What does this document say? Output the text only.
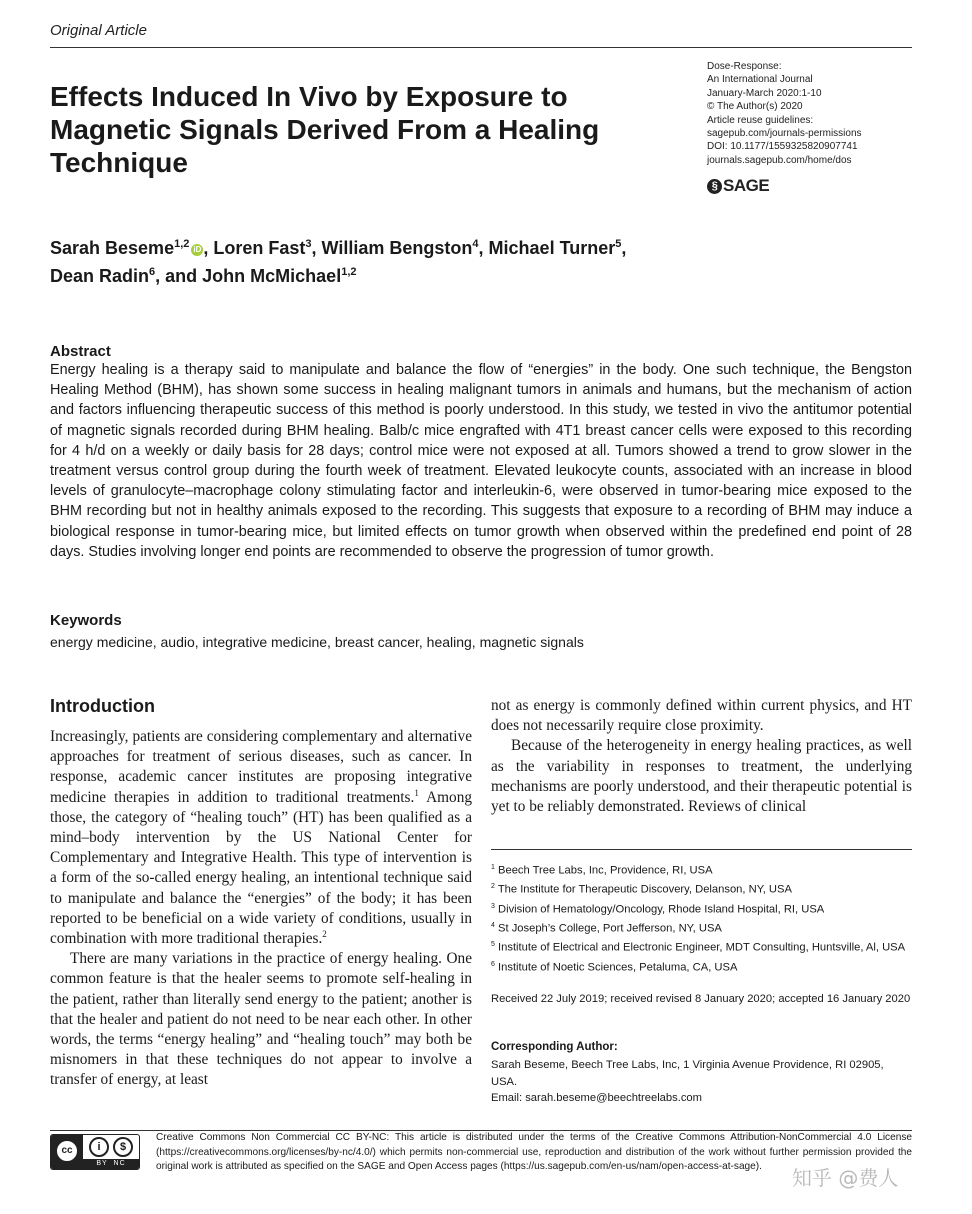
Original Article
Effects Induced In Vivo by Exposure to Magnetic Signals Derived From a Healing Technique
Dose-Response:
An International Journal
January-March 2020:1-10
© The Author(s) 2020
Article reuse guidelines:
sagepub.com/journals-permissions
DOI: 10.1177/1559325820907741
journals.sagepub.com/home/dos
§ SAGE
Sarah Beseme$^{1,2}$ iD , Loren Fast$^3$, William Bengston$^4$, Michael Turner$^5$,
Dean Radin$^6$, and John McMichael$^{1,2}$
Abstract
Energy healing is a therapy said to manipulate and balance the flow of “energies” in the body. One such technique, the Bengston Healing Method (BHM), has shown some success in healing malignant tumors in animals and humans, but the mechanism of action and factors influencing therapeutic success of this method is poorly understood. In this study, we tested in vivo the antitumor potential of magnetic signals recorded during BHM healing. Balb/c mice engrafted with 4T1 breast cancer cells were exposed to this recording for 4 h/d on a weekly or daily basis for 28 days; control mice were not exposed at all. Tumors showed a trend to grow slower in the treatment versus control group during the fourth week of treatment. Elevated leukocyte counts, associated with an increase in blood levels of granulocyte–macrophage colony stimulating factor and interleukin-6, were observed in tumor-bearing mice exposed to the BHM recording but not in healthy animals exposed to the recording. This suggests that exposure to a recording of BHM may induce a biological response in tumor-bearing mice, but limited effects on tumor growth when observed within the predefined end point of 28 days. Studies involving longer end points are recommended to observe the progression of tumor growth.
Keywords
energy medicine, audio, integrative medicine, breast cancer, healing, magnetic signals
Introduction

Increasingly, patients are considering complementary and alternative approaches for treatment of serious diseases, such as cancer. In response, academic cancer institutes are proposing integrative medicine therapies in addition to traditional treatments.$^1$ Among those, the category of “healing touch” (HT) has been qualified as a mind–body intervention by the US National Center for Complementary and Integrative Health. This type of intervention is a form of the so-called energy healing, an intentional technique said to manipulate and balance the “energies” of the body; it has been reported to be beneficial on a wide variety of conditions, usually in combination with more traditional therapies.$^2$

There are many variations in the practice of energy healing. One common feature is that the healer seems to promote self-healing in the patient, rather than literally send energy to the patient; another is that the healer and patient do not need to be near each other. In other words, the terms “energy healing” and “healing touch” may both be misnomers in that these techniques do not appear to involve a transfer of energy, at least

not as energy is commonly defined within current physics, and HT does not necessarily require close proximity.

Because of the heterogeneity in energy healing practices, as well as the variability in responses to treatment, the underlying mechanisms are poorly understood, and their therapeutic potential is yet to be reliably demonstrated. Reviews of clinical

$^1$ Beech Tree Labs, Inc, Providence, RI, USA
$^2$ The Institute for Therapeutic Discovery, Delanson, NY, USA
$^3$ Division of Hematology/Oncology, Rhode Island Hospital, RI, USA
$^4$ St Joseph’s College, Port Jefferson, NY, USA
$^5$ Institute of Electrical and Electronic Engineer, MDT Consulting, Huntsville, Al, USA
$^6$ Institute of Noetic Sciences, Petaluma, CA, USA
Received 22 July 2019; received revised 8 January 2020; accepted 16 January 2020
Corresponding Author:
Sarah Beseme, Beech Tree Labs, Inc, 1 Virginia Avenue Providence, RI 02905, USA.
Email: sarah.beseme@beechtreelabs.com
cc	i	$
BY NC
Creative Commons Non Commercial CC BY-NC: This article is distributed under the terms of the Creative Commons Attribution-NonCommercial 4.0 License (https://creativecommons.org/licenses/by-nc/4.0/) which permits non-commercial use, reproduction and distribution of the work without further permission provided the original work is attributed as specified on the SAGE and Open Access pages (https://us.sagepub.com/en-us/nam/open-access-at-sage).	知乎 @费人
